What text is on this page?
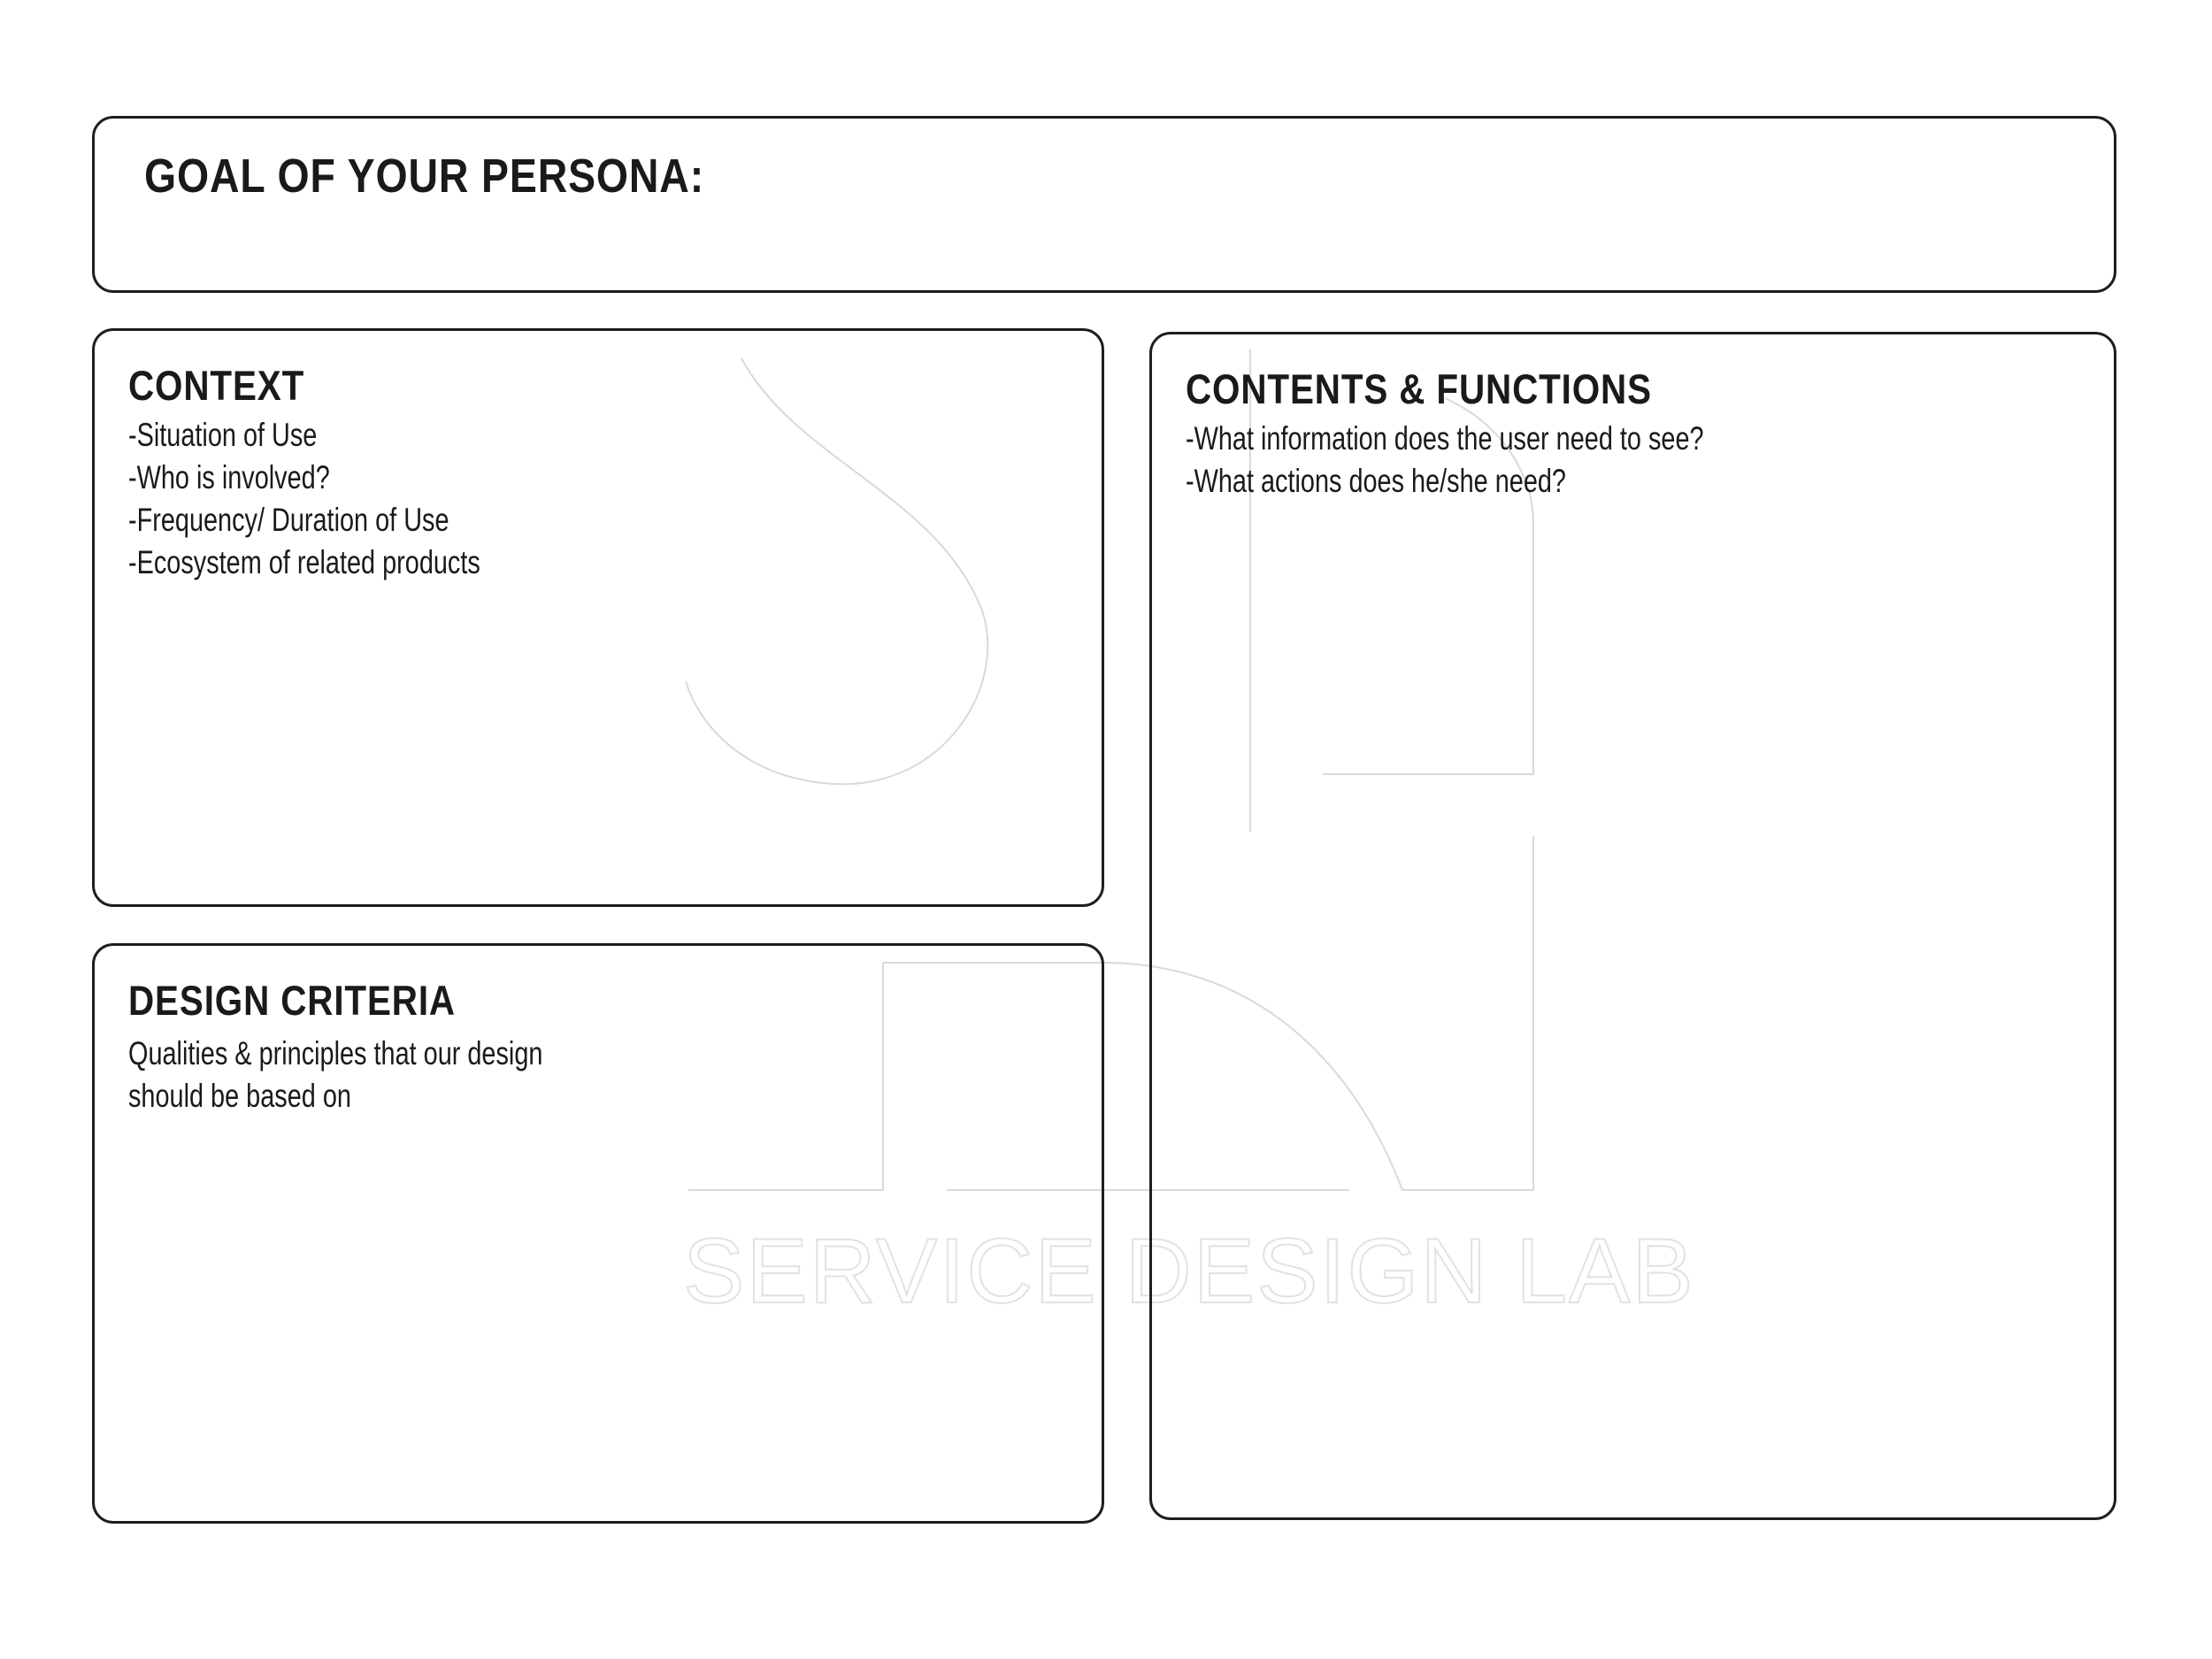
SERVICE DESIGN LAB
GOAL OF YOUR PERSONA:
CONTEXT
-Situation of Use
-Who is involved?
-Frequency/ Duration of Use
-Ecosystem of related products
DESIGN CRITERIA

Qualities & principles that our design should be based on

CONTENTS & FUNCTIONS
-What information does the user need to see?
-What actions does he/she need?
